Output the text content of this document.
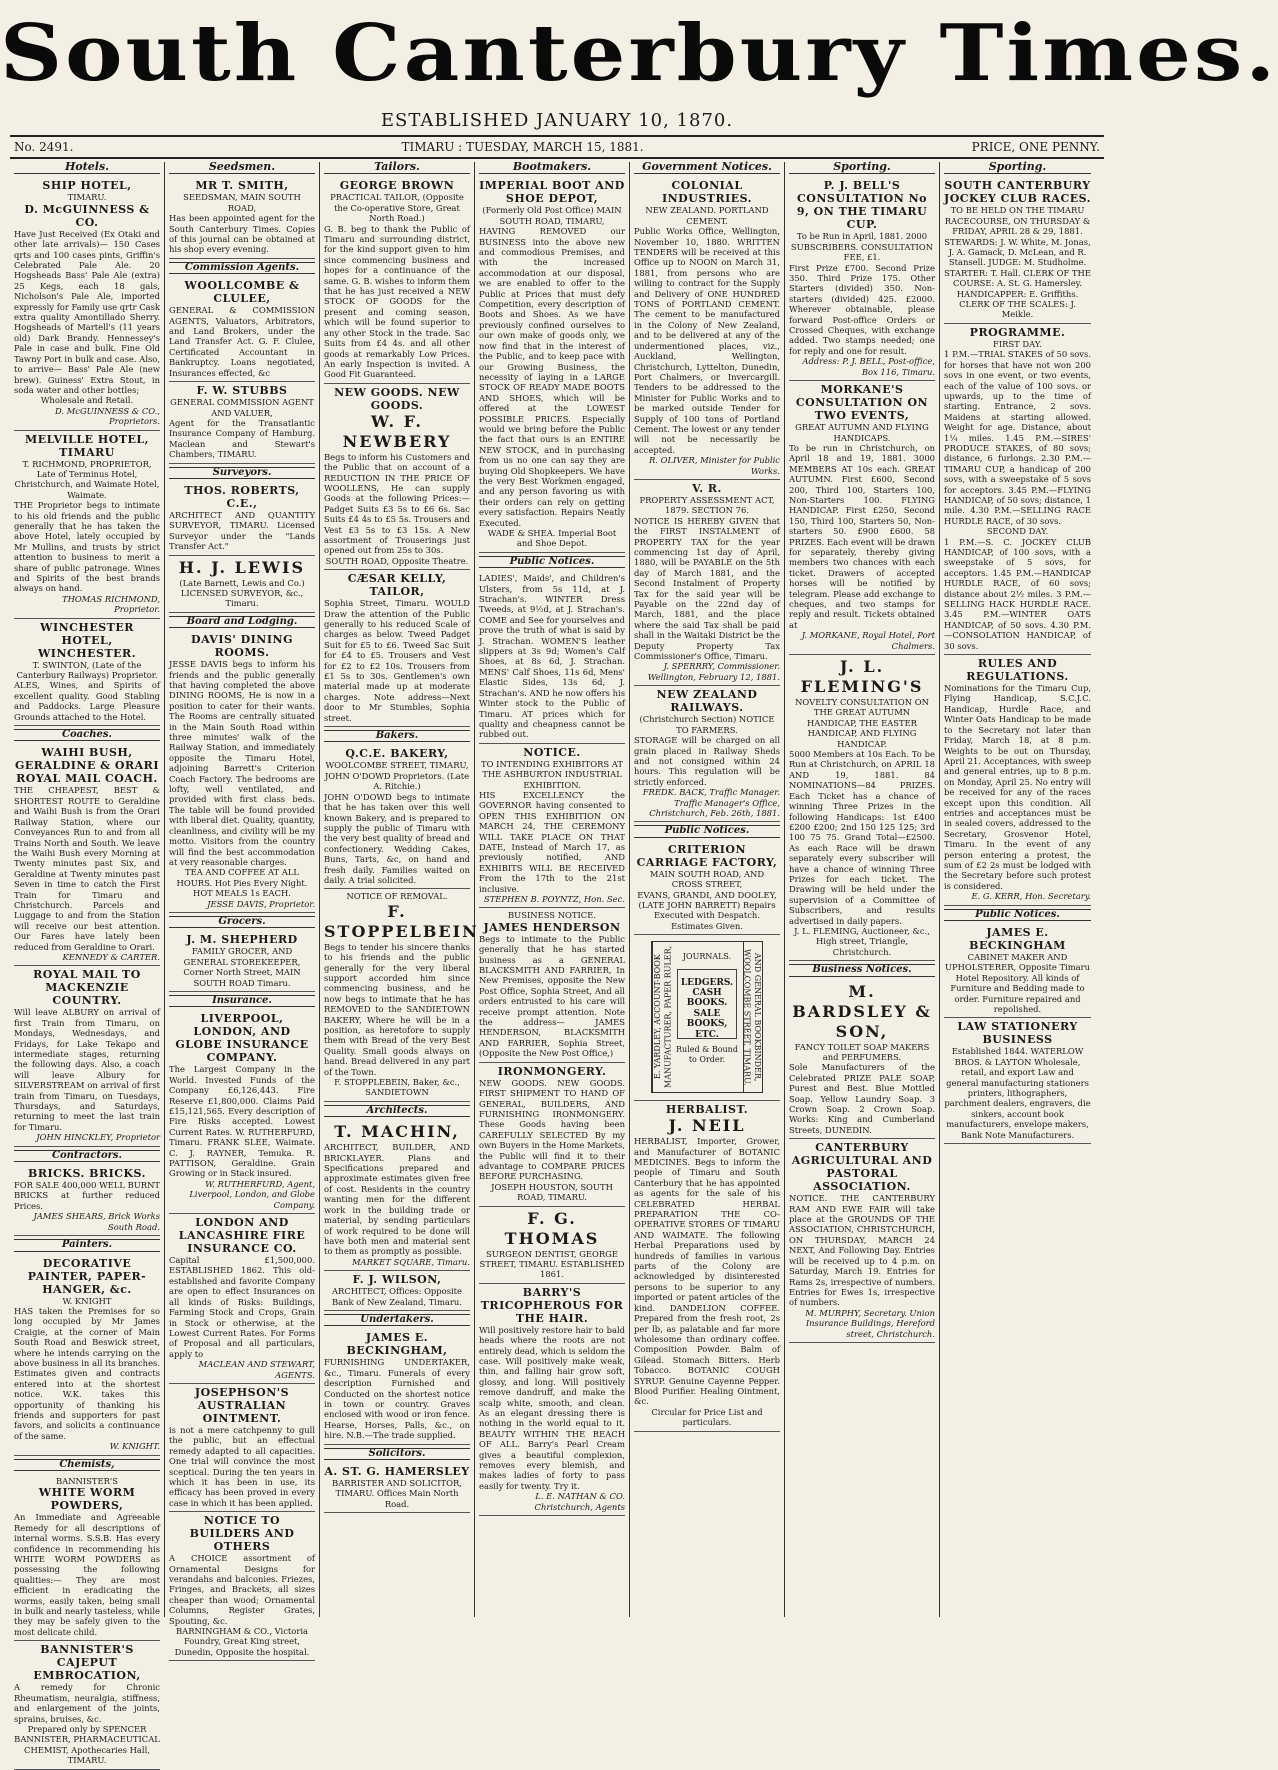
South Canterbury Times.
ESTABLISHED JANUARY 10, 1870.
No. 2491.	TIMARU : TUESDAY, MARCH 15, 1881.	PRICE, ONE PENNY.
Hotels.
SHIP HOTEL,
TIMARU.
D. McGUINNESS & CO.
Have Just Received (Ex Otaki and other late arrivals)— 150 Cases qrts and 100 cases pints, Griffin's Celebrated Pale Ale. 20 Hogsheads Bass' Pale Ale (extra) 25 Kegs, each 18 gals, Nicholson's Pale Ale, imported expressly for Family use qrtr Cask extra quality Amontillado Sherry. Hogsheads of Martell's (11 years old) Dark Brandy. Hennessey's Pale in case and bulk. Fine Old Tawny Port in bulk and case. Also, to arrive— Bass' Pale Ale (new brew). Guiness' Extra Stout, in soda water and other bottles;
Wholesale and Retail.
D. McGUINNESS & CO., Proprietors.
MELVILLE HOTEL, TIMARU
T. RICHMOND, PROPRIETOR, Late of Terminus Hotel, Christchurch, and Waimate Hotel, Waimate.
THE Proprietor begs to intimate to his old friends and the public generally that he has taken the above Hotel, lately occupied by Mr Mullins, and trusts by strict attention to business to merit a share of public patronage. Wines and Spirits of the best brands always on hand.
THOMAS RICHMOND, Proprietor.
WINCHESTER HOTEL, WINCHESTER.
T. SWINTON, (Late of the Canterbury Railways) Proprietor.
ALES, Wines, and Spirits of excellent quality. Good Stabling and Paddocks. Large Pleasure Grounds attached to the Hotel.
Coaches.
WAIHI BUSH, GERALDINE & ORARI ROYAL MAIL COACH.
THE CHEAPEST, BEST & SHORTEST ROUTE to Geraldine and Waihi Bush is from the Orari Railway Station, where our Conveyances Run to and from all Trains North and South. We leave the Waihi Bush every Morning at Twenty minutes past Six, and Geraldine at Twenty minutes past Seven in time to catch the First Train for Timaru and Christchurch. Parcels and Luggage to and from the Station will receive our best attention. Our Fares have lately been reduced from Geraldine to Orari.
KENNEDY & CARTER.
ROYAL MAIL TO MACKENZIE COUNTRY.
Will leave ALBURY on arrival of first Train from Timaru, on Mondays, Wednesdays, and Fridays, for Lake Tekapo and intermediate stages, returning the following days. Also, a coach will leave Albury for SILVERSTREAM on arrival of first train from Timaru, on Tuesdays, Thursdays, and Saturdays, returning to meet the last train for Timaru.
JOHN HINCKLEY, Proprietor
Contractors.
BRICKS. BRICKS.
FOR SALE 400,000 WELL BURNT BRICKS at further reduced Prices.
JAMES SHEARS, Brick Works South Road.
Painters.
DECORATIVE PAINTER, PAPER-HANGER, &c.
W. KNIGHT
HAS taken the Premises for so long occupied by Mr James Craigie, at the corner of Main South Road and Beswick street, where he intends carrying on the above business in all its branches. Estimates given and contracts entered into at the shortest notice. W.K. takes this opportunity of thanking his friends and supporters for past favors, and solicits a continuance of the same.
W. KNIGHT.
Chemists,
BANNISTER'S
WHITE WORM POWDERS,
An Immediate and Agreeable Remedy for all descriptions of internal worms. S.S.B. Has every confidence in recommending his WHITE WORM POWDERS as possessing the following qualities:— They are most efficient in eradicating the worms, easily taken, being small in bulk and nearly tasteless, while they may be safely given to the most delicate child.
BANNISTER'S CAJEPUT EMBROCATION,
A remedy for Chronic Rheumatism, neuralgia, stiffness, and enlargement of the joints, sprains, bruises, &c.
Prepared only by SPENCER BANNISTER, PHARMACEUTICAL CHEMIST, Apothecaries Hall, TIMARU.
Seedsmen.
MR T. SMITH,
SEEDSMAN, MAIN SOUTH ROAD,
Has been appointed agent for the South Canterbury Times. Copies of this journal can be obtained at his shop every evening.
Commission Agents.
WOOLLCOMBE & CLULEE,
GENERAL & COMMISSION AGENTS, Valuators, Arbitrators, and Land Brokers, under the Land Transfer Act. G. F. Clulee, Certificated Accountant in Bankruptcy. Loans negotiated, Insurances effected, &c
F. W. STUBBS
GENERAL COMMISSION AGENT AND VALUER,
Agent for the Transatlantic Insurance Company of Hamburg. Maclean and Stewart's Chambers, TIMARU.
Surveyors.
THOS. ROBERTS, C.E.,
ARCHITECT AND QUANTITY SURVEYOR, TIMARU. Licensed Surveyor under the "Lands Transfer Act."
H. J. LEWIS
(Late Barnett, Lewis and Co.) LICENSED SURVEYOR, &c., Timaru.
Board and Lodging.
DAVIS' DINING ROOMS.
JESSE DAVIS begs to inform his friends and the public generally that having completed the above DINING ROOMS, He is now in a position to cater for their wants. The Rooms are centrally situated in the Main South Road within three minutes' walk of the Railway Station, and immediately opposite the Timaru Hotel, adjoining Barrett's Criterion Coach Factory. The bedrooms are lofty, well ventilated, and provided with first class beds. The table will be found provided with liberal diet. Quality, quantity, cleanliness, and civility will be my motto. Visitors from the country will find the best accommodation at very reasonable charges.
TEA AND COFFEE AT ALL HOURS. Hot Pies Every Night. HOT MEALS 1s EACH.
JESSE DAVIS, Proprietor.
Grocers.
J. M. SHEPHERD
FAMILY GROCER, AND GENERAL STOREKEEPER, Corner North Street, MAIN SOUTH ROAD Timaru.
Insurance.
LIVERPOOL, LONDON, AND GLOBE INSURANCE COMPANY.
The Largest Company in the World. Invested Funds of the Company £6,126,443. Fire Reserve £1,800,000. Claims Paid £15,121,565. Every description of Fire Risks accepted. Lowest Current Rates. W. RUTHERFURD, Timaru. FRANK SLEE, Waimate. C. J. RAYNER, Temuka. R. PATTISON, Geraldine. Grain Growing or in Stack insured.
W. RUTHERFURD, Agent, Liverpool, London, and Globe Company.
LONDON AND LANCASHIRE FIRE INSURANCE CO.
Capital £1,500,000. ESTABLISHED 1862. This old-established and favorite Company are open to effect Insurances on all kinds of Risks: Buildings, Farming Stock and Crops, Grain in Stock or otherwise, at the Lowest Current Rates. For Forms of Proposal and all particulars, apply to
MACLEAN AND STEWART, AGENTS.
JOSEPHSON'S AUSTRALIAN OINTMENT.
is not a mere catchpenny to gull the public, but an effectual remedy adapted to all capacities. One trial will convince the most sceptical. During the ten years in which it has been in use, its efficacy has been proved in every case in which it has been applied.
NOTICE TO BUILDERS AND OTHERS
A CHOICE assortment of Ornamental Designs for verandahs and balconies. Friezes, Fringes, and Brackets, all sizes cheaper than wood; Ornamental Columns, Register Grates, Spouting, &c.
BARNINGHAM & CO., Victoria Foundry, Great King street, Dunedin, Opposite the hospital.
Tailors.
GEORGE BROWN
PRACTICAL TAILOR, (Opposite the Co-operative Store, Great North Road.)
G. B. beg to thank the Public of Timaru and surrounding district, for the kind support given to him since commencing business and hopes for a continuance of the same. G. B. wishes to inform them that he has just received a NEW STOCK OF GOODS for the present and coming season, which will be found superior to any other Stock in the trade. Sac Suits from £4 4s. and all other goods at remarkably Low Prices. An early Inspection is invited. A Good Fit Guaranteed.
NEW GOODS. NEW GOODS.
W. F. NEWBERY
Begs to inform his Customers and the Public that on account of a REDUCTION IN THE PRICE OF WOOLLENS, He can supply Goods at the following Prices:— Padget Suits £3 5s to £6 6s. Sac Suits £4 4s to £5 5s. Trousers and Vest £3 5s to £3 15s. A New assortment of Trouserings just opened out from 25s to 30s.
SOUTH ROAD, Opposite Theatre.
CÆSAR KELLY, TAILOR,
Sophia Street, Timaru. WOULD Draw the attention of the Public generally to his reduced Scale of charges as below. Tweed Padget Suit for £5 to £6. Tweed Sac Suit for £4 to £5. Trousers and Vest for £2 to £2 10s. Trousers from £1 5s to 30s. Gentlemen's own material made up at moderate charges. Note address—Next door to Mr Stumbles, Sophia street.
Bakers.
Q.C.E. BAKERY,
WOOLCOMBE STREET, TIMARU, JOHN O'DOWD Proprietors. (Late A. Ritchie.)
JOHN O'DOWD begs to intimate that he has taken over this well known Bakery, and is prepared to supply the public of Timaru with the very best quality of bread and confectionery. Wedding Cakes, Buns, Tarts, &c, on hand and fresh daily. Families waited on daily. A trial solicited.
NOTICE OF REMOVAL.
F. STOPPELBEIN
Begs to tender his sincere thanks to his friends and the public generally for the very liberal support accorded him since commencing business, and he now begs to intimate that he has REMOVED to the SANDIETOWN BAKERY, Where he will be in a position, as heretofore to supply them with Bread of the very Best Quality. Small goods always on hand. Bread delivered in any part of the Town.
F. STOPPLEBEIN, Baker, &c., SANDIETOWN
Architects.
T. MACHIN,
ARCHITECT, BUILDER, AND BRICKLAYER. Plans and Specifications prepared and approximate estimates given free of cost. Residents in the country wanting men for the different work in the building trade or material, by sending particulars of work required to be done will have both men and material sent to them as promptly as possible.
MARKET SQUARE, Timaru.
F. J. WILSON,
ARCHITECT, Offices: Opposite Bank of New Zealand, Timaru.
Undertakers.
JAMES E. BECKINGHAM,
FURNISHING UNDERTAKER, &c., Timaru. Funerals of every description Furnished and Conducted on the shortest notice in town or country. Graves enclosed with wood or iron fence. Hearse, Horses, Palls, &c., on hire. N.B.—The trade supplied.
Solicitors.
A. ST. G. HAMERSLEY
BARRISTER AND SOLICITOR, TIMARU. Offices Main North Road.
Bootmakers.
IMPERIAL BOOT AND SHOE DEPOT,
(Formerly Old Post Office) MAIN SOUTH ROAD, TIMARU,
HAVING REMOVED our BUSINESS into the above new and commodious Premises, and with the increased accommodation at our disposal, we are enabled to offer to the Public at Prices that must defy Competition, every description of Boots and Shoes. As we have previously confined ourselves to our own make of goods only, we now find that in the interest of the Public, and to keep pace with our Growing Business, the necessity of laying in a LARGE STOCK OF READY MADE BOOTS AND SHOES, which will be offered at the LOWEST POSSIBLE PRICES. Especially would we bring before the Public the fact that ours is an ENTIRE NEW STOCK, and in purchasing from us no one can say they are buying Old Shopkeepers. We have the very Best Workmen engaged, and any person favoring us with their orders can rely on getting every satisfaction. Repairs Neatly Executed.
WADE & SHEA. Imperial Boot and Shoe Depot.
Public Notices.
LADIES', Maids', and Children's Ulsters, from 5s 11d, at J. Strachan's. WINTER Dress Tweeds, at 9½d, at J. Strachan's. COME and See for yourselves and prove the truth of what is said by J. Strachan. WOMEN'S leather slippers at 3s 9d; Women's Calf Shoes, at 8s 6d, J. Strachan. MENS' Calf Shoes, 11s 6d, Mens' Elastic Sides, 13s 6d, J. Strachan's. AND he now offers his Winter stock to the Public of Timaru. AT prices which for quality and cheapness cannot be rubbed out.
NOTICE.
TO INTENDING EXHIBITORS AT THE ASHBURTON INDUSTRIAL EXHIBITION.
HIS EXCELLENCY the GOVERNOR having consented to OPEN THIS EXHIBITION ON MARCH 24, THE CEREMONY WILL TAKE PLACE ON THAT DATE, Instead of March 17, as previously notified, AND EXHIBITS WILL BE RECEIVED From the 17th to the 21st inclusive.
STEPHEN B. POYNTZ, Hon. Sec.
BUSINESS NOTICE.
JAMES HENDERSON
Begs to intimate to the Public generally that he has started business as a GENERAL BLACKSMITH AND FARRIER, In New Premises, opposite the New Post Office, Sophia Street, And all orders entrusted to his care will receive prompt attention. Note the address— JAMES HENDERSON, BLACKSMITH AND FARRIER, Sophia Street, (Opposite the New Post Office,)
IRONMONGERY.
NEW GOODS. NEW GOODS. FIRST SHIPMENT TO HAND OF GENERAL, BUILDERS, AND FURNISHING IRONMONGERY. These Goods having been CAREFULLY SELECTED By my own Buyers in the Home Markets, the Public will find it to their advantage to COMPARE PRICES BEFORE PURCHASING.
JOSEPH HOUSTON, SOUTH ROAD, TIMARU.
F. G. THOMAS
SURGEON DENTIST, GEORGE STREET, TIMARU. ESTABLISHED 1861.
BARRY'S TRICOPHEROUS FOR THE HAIR.
Will positively restore hair to bald heads where the roots are not entirely dead, which is seldom the case. Will positively make weak, thin, and falling hair grow soft, glossy, and long. Will positively remove dandruff, and make the scalp white, smooth, and clean. As an elegant dressing there is nothing in the world equal to it. BEAUTY WITHIN THE REACH OF ALL. Barry's Pearl Cream gives a beautiful complexion, removes every blemish, and makes ladies of forty to pass easily for twenty. Try it.
L. E. NATHAN & CO. Christchurch, Agents
Government Notices.
COLONIAL INDUSTRIES.
NEW ZEALAND. PORTLAND CEMENT.
Public Works Office, Wellington, November 10, 1880. WRITTEN TENDERS will be received at this Office up to NOON on March 31, 1881, from persons who are willing to contract for the Supply and Delivery of ONE HUNDRED TONS of PORTLAND CEMENT. The cement to be manufactured in the Colony of New Zealand, and to be delivered at any of the undermentioned places, viz., Auckland, Wellington, Christchurch, Lyttelton, Dunedin, Port Chalmers, or Invercargill. Tenders to be addressed to the Minister for Public Works and to be marked outside Tender for Supply of 100 tons of Portland Cement. The lowest or any tender will not be necessarily be accepted.
R. OLIVER, Minister for Public Works.
V. R.
PROPERTY ASSESSMENT ACT, 1879. SECTION 76.
NOTICE IS HEREBY GIVEN that the FIRST INSTALMENT of PROPERTY TAX for the year commencing 1st day of April, 1880, will be PAYABLE on the 5th day of March 1881, and the Second Instalment of Property Tax for the said year will be Payable on the 22nd day of March, 1881, and the place where the said Tax shall be paid shall in the Waitaki District be the Deputy Property Tax Commissioner's Office, Timaru.
J. SPERRRY, Commissioner. Wellington, February 12, 1881.
NEW ZEALAND RAILWAYS.
(Christchurch Section) NOTICE TO FARMERS.
STORAGE will be charged on all grain placed in Railway Sheds and not consigned within 24 hours. This regulation will be strictly enforced.
FREDK. BACK, Traffic Manager. Traffic Manager's Office, Christchurch, Feb. 26th, 1881.
Public Notices.
CRITERION CARRIAGE FACTORY,
MAIN SOUTH ROAD, AND CROSS STREET,
EVANS, GRANDI, AND DOOLEY, (LATE JOHN BARRETT) Repairs Executed with Despatch. Estimates Given.
E. YARDLEY, ACCOUNT-BOOK MANUFACTURER, PAPER RULER,	JOURNALS.
LEDGERS.
CASH BOOKS.
SALE BOOKS, ETC.
Ruled & Bound to Order.	AND GENERAL BOOKBINDER, WOOLCOMBE STREET, TIMARU.
HERBALIST.
J. NEIL
HERBALIST, Importer, Grower, and Manufacturer of BOTANIC MEDICINES. Begs to inform the people of Timaru and South Canterbury that he has appointed as agents for the sale of his CELEBRATED HERBAL PREPARATION THE CO-OPERATIVE STORES OF TIMARU AND WAIMATE. The following Herbal Preparations used by hundreds of families in various parts of the Colony are acknowledged by disinterested persons to be superior to any imported or patent articles of the kind. DANDELION COFFEE. Prepared from the fresh root, 2s per lb, as palatable and far more wholesome than ordinary coffee. Composition Powder. Balm of Gilead. Stomach Bitters. Herb Tobacco. BOTANIC COUGH SYRUP. Genuine Cayenne Pepper. Blood Purifier. Healing Ointment, &c.
Circular for Price List and particulars.
Sporting.
P. J. BELL'S CONSULTATION No 9, ON THE TIMARU CUP.
To be Run in April, 1881. 2000 SUBSCRIBERS. CONSULTATION FEE, £1.
First Prize £700. Second Prize 350. Third Prize 175. Other Starters (divided) 350. Non-starters (divided) 425. £2000. Wherever obtainable, please forward Post-office Orders or Crossed Cheques, with exchange added. Two stamps needed; one for reply and one for result.
Address: P. J. BELL, Post-office, Box 116, Timaru.
MORKANE'S CONSULTATION ON TWO EVENTS,
GREAT AUTUMN AND FLYING HANDICAPS.
To be run in Christchurch, on April 18 and 19, 1881. 3000 MEMBERS AT 10s each. GREAT AUTUMN. First £600, Second 200, Third 100, Starters 100, Non-Starters 100. FLYING HANDICAP. First £250, Second 150, Third 100, Starters 50, Non-starters 50. £900 £600. 58 PRIZES. Each event will be drawn for separately, thereby giving members two chances with each ticket. Drawers of accepted horses will be notified by telegram. Please add exchange to cheques, and two stamps for reply and result. Tickets obtained at
J. MORKANE, Royal Hotel, Port Chalmers.
J. L. FLEMING'S
NOVELTY CONSULTATION ON THE GREAT AUTUMN HANDICAP, THE EASTER HANDICAP, AND FLYING HANDICAP.
5000 Members at 10s Each. To be Run at Christchurch, on APRIL 18 AND 19, 1881. 84 NOMINATIONS—84 PRIZES. Each Ticket has a chance of winning Three Prizes in the following Handicaps: 1st £400 £200 £200; 2nd 150 125 125; 3rd 100 75 75. Grand Total—£2500. As each Race will be drawn separately every subscriber will have a chance of winning Three Prizes for each ticket. The Drawing will be held under the supervision of a Committee of Subscribers, and results advertised in daily papers.
J. L. FLEMING, Auctioneer, &c., High street, Triangle, Christchurch.
Business Notices.
M. BARDSLEY & SON,
FANCY TOILET SOAP MAKERS and PERFUMERS.
Sole Manufacturers of the Celebrated PRIZE PALE SOAP, Purest and Best. Blue Mottled Soap. Yellow Laundry Soap. 3 Crown Soap. 2 Crown Soap. Works: King and Cumberland Streets, DUNEDIN.
CANTERBURY AGRICULTURAL AND PASTORAL ASSOCIATION.
NOTICE. THE CANTERBURY RAM AND EWE FAIR will take place at the GROUNDS OF THE ASSOCIATION, CHRISTCHURCH, ON THURSDAY, MARCH 24 NEXT, And Following Day. Entries will be received up to 4 p.m. on Saturday, March 19. Entries for Rams 2s, irrespective of numbers. Entries for Ewes 1s, irrespective of numbers.
M. MURPHY, Secretary. Union Insurance Buildings, Hereford street, Christchurch.
Sporting.
SOUTH CANTERBURY JOCKEY CLUB RACES.
TO BE HELD ON THE TIMARU RACECOURSE, ON THURSDAY & FRIDAY, APRIL 28 & 29, 1881.
STEWARDS: J. W. White, M. Jonas, J. A. Gamack, D. McLean, and R. Stansell. JUDGE: M. Studholme. STARTER: T. Hall. CLERK OF THE COURSE: A. St. G. Hamersley. HANDICAPPER: E. Griffiths. CLERK OF THE SCALES: J. Meikle.
PROGRAMME.
FIRST DAY.
1 P.M.—TRIAL STAKES of 50 sovs. for horses that have not won 200 sovs in one event, or two events, each of the value of 100 sovs. or upwards, up to the time of starting. Entrance, 2 sovs. Maidens at starting allowed. Weight for age. Distance, about 1¼ miles. 1.45 P.M.—SIRES' PRODUCE STAKES, of 80 sovs; distance, 6 furlongs. 2.30 P.M.—TIMARU CUP, a handicap of 200 sovs, with a sweepstake of 5 sovs for acceptors. 3.45 P.M.—FLYING HANDICAP, of 50 sovs; distance, 1 mile. 4.30 P.M.—SELLING RACE HURDLE RACE, of 30 sovs.
SECOND DAY.
1 P.M.—S. C. JOCKEY CLUB HANDICAP, of 100 sovs, with a sweepstake of 5 sovs, for acceptors. 1.45 P.M.—HANDICAP HURDLE RACE, of 60 sovs; distance about 2½ miles. 3 P.M.—SELLING HACK HURDLE RACE. 3.45 P.M.—WINTER OATS HANDICAP, of 50 sovs. 4.30 P.M.—CONSOLATION HANDICAP, of 30 sovs.
RULES AND REGULATIONS.
Nominations for the Timaru Cup, Flying Handicap, S.C.J.C. Handicap, Hurdle Race, and Winter Oats Handicap to be made to the Secretary not later than Friday, March 18, at 8 p.m. Weights to be out on Thursday, April 21. Acceptances, with sweep and general entries, up to 8 p.m. on Monday, April 25. No entry will be received for any of the races except upon this condition. All entries and acceptances must be in sealed covers, addressed to the Secretary, Grosvenor Hotel, Timaru. In the event of any person entering a protest, the sum of £2 2s must be lodged with the Secretary before such protest is considered.
E. G. KERR, Hon. Secretary.
Public Notices.
JAMES E. BECKINGHAM
CABINET MAKER AND UPHOLSTERER, Opposite Timaru Hotel Repository. All kinds of Furniture and Bedding made to order. Furniture repaired and repolished.
LAW STATIONERY BUSINESS
Established 1844. WATERLOW BROS. & LAYTON Wholesale, retail, and export Law and general manufacturing stationers printers, lithographers, parchment dealers, engravers, die sinkers, account book manufacturers, envelope makers, Bank Note Manufacturers.
